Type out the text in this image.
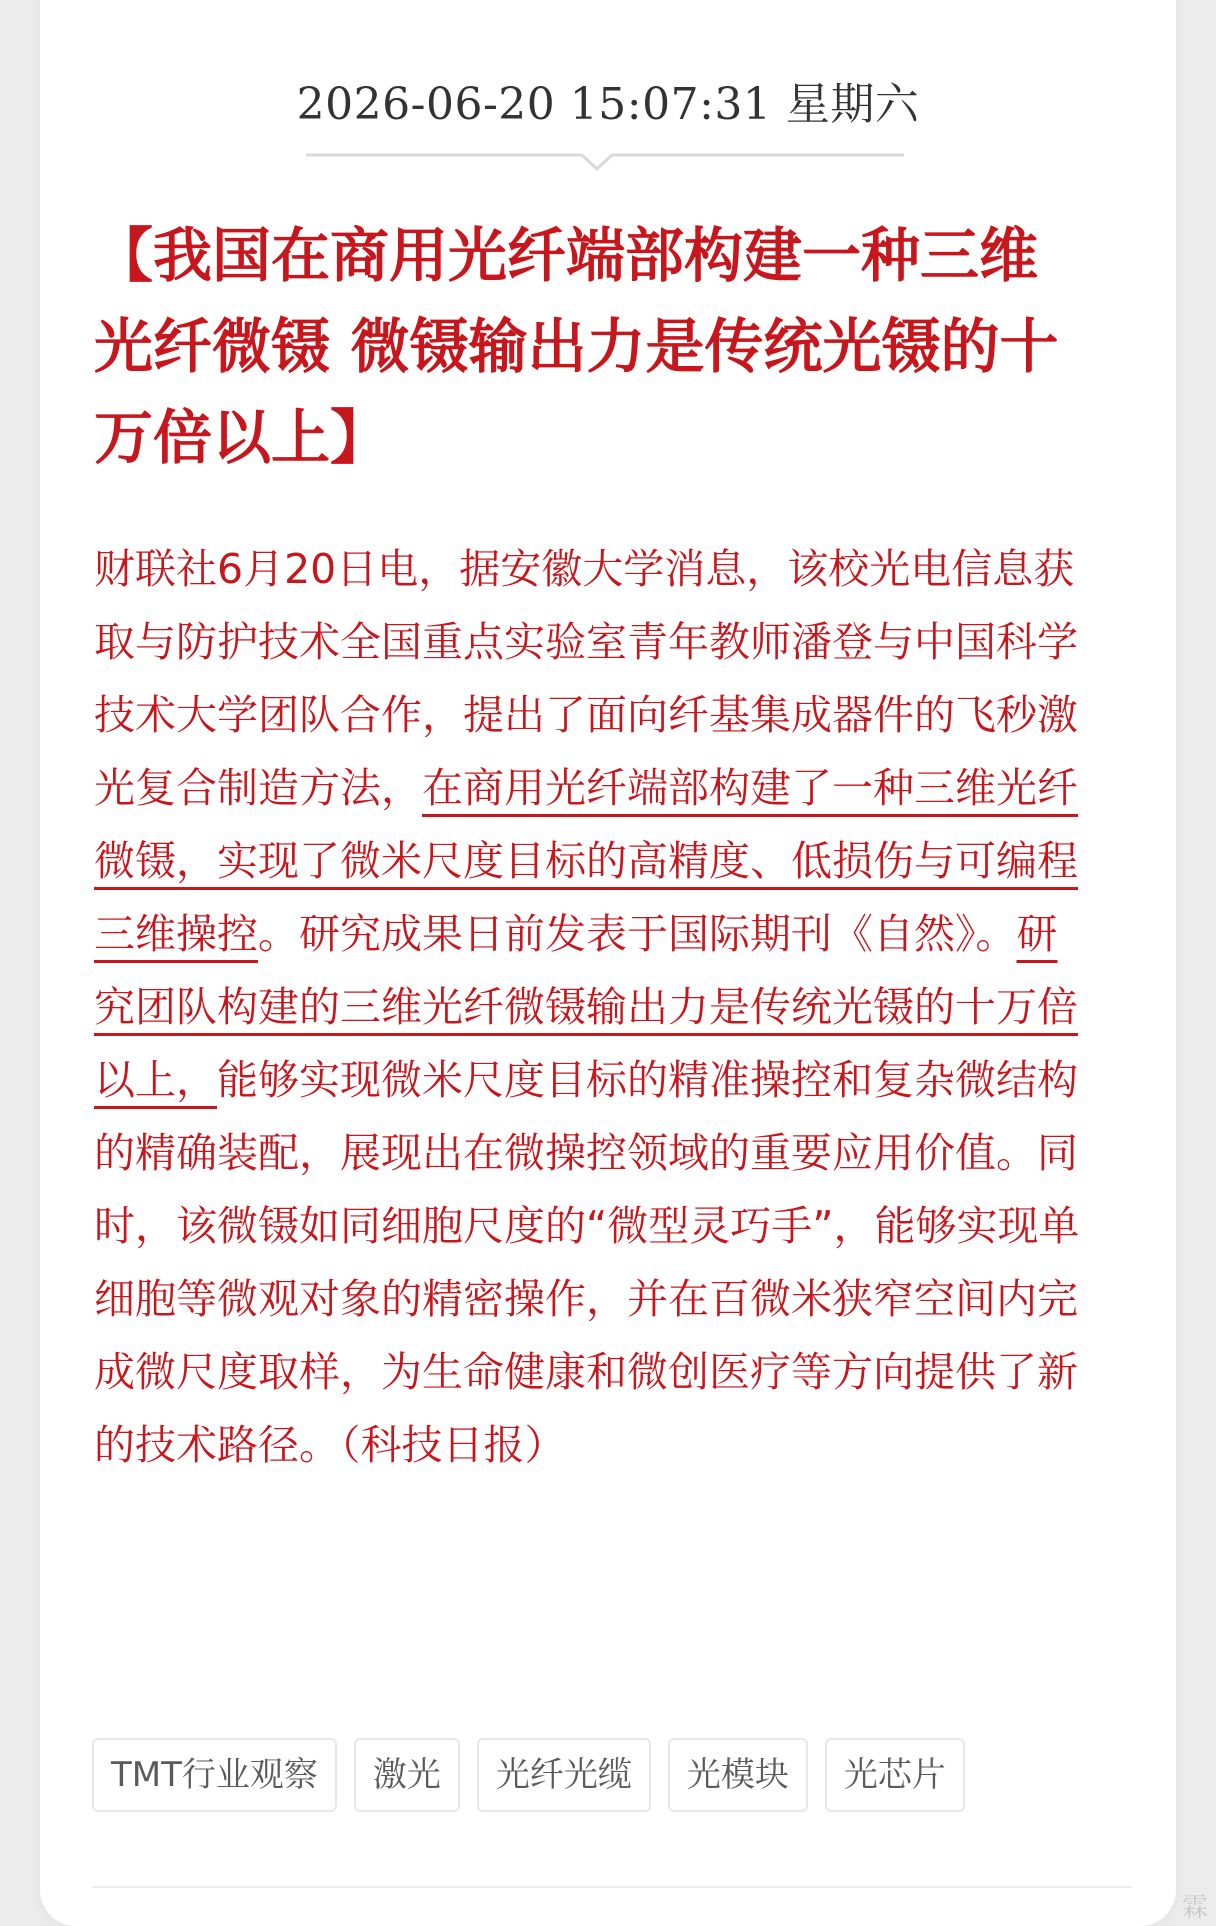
2026-06-20 15:07:31 星期六
【我国在商用光纤端部构建一种三维光纤微镊 微镊输出力是传统光镊的十万倍以上】

财联社6月20日电，据安徽大学消息，该校光电信息获取与防护技术全国重点实验室青年教师潘登与中国科学技术大学团队合作，提出了面向纤基集成器件的飞秒激光复合制造方法，在商用光纤端部构建了一种三维光纤微镊，实现了微米尺度目标的高精度、低损伤与可编程三维操控。研究成果日前发表于国际期刊《自然》。研究团队构建的三维光纤微镊输出力是传统光镊的十万倍以上，能够实现微米尺度目标的精准操控和复杂微结构的精确装配，展现出在微操控领域的重要应用价值。同时，该微镊如同细胞尺度的“微型灵巧手”，能够实现单细胞等微观对象的精密操作，并在百微米狭窄空间内完成微尺度取样，为生命健康和微创医疗等方向提供了新的技术路径。（科技日报）

TMT行业观察	激光	光纤光缆	光模块	光芯片
霖
